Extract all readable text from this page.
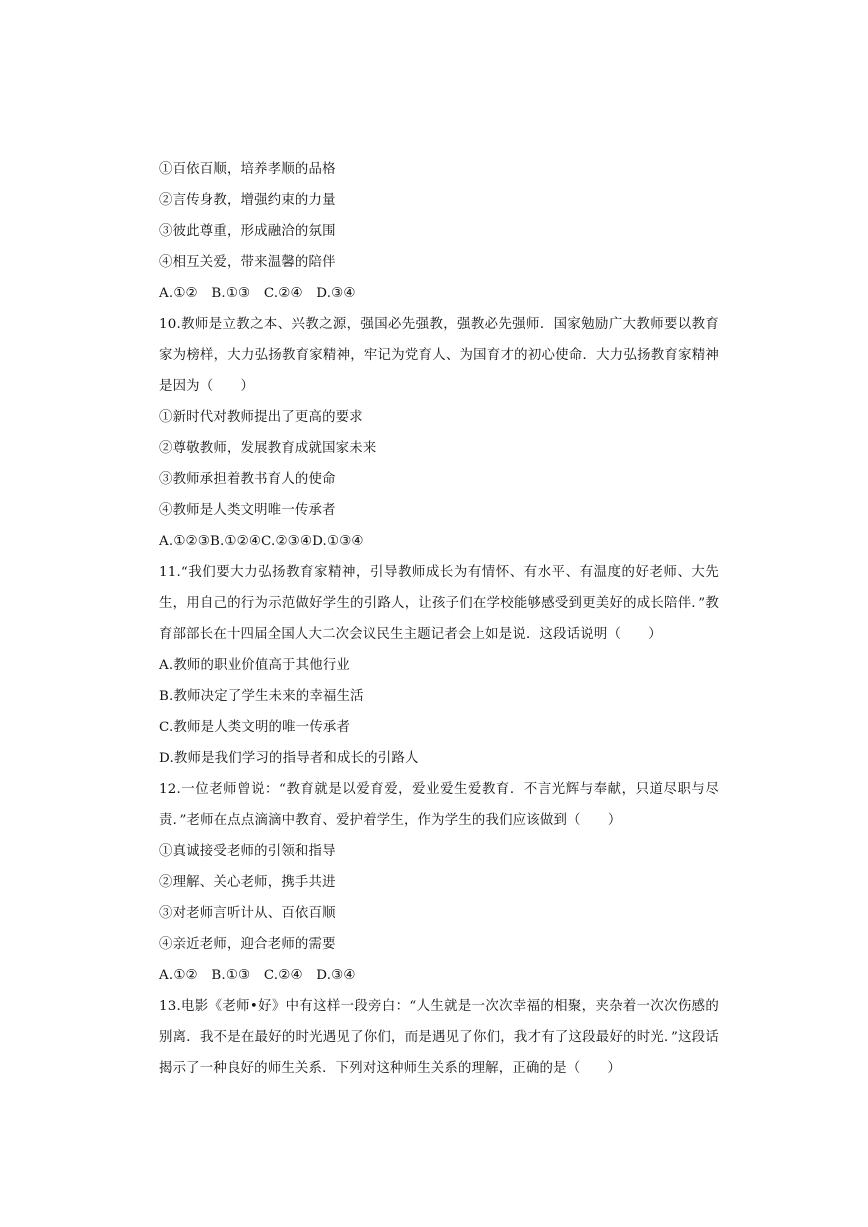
①百依百顺，培养孝顺的品格
②言传身教，增强约束的力量
③彼此尊重，形成融洽的氛围
④相互关爱，带来温馨的陪伴
A.①②　B.①③　C.②④　D.③④
10.教师是立教之本、兴教之源，强国必先强教，强教必先强师．国家勉励广大教师要以教育家为榜样，大力弘扬教育家精神，牢记为党育人、为国育才的初心使命．大力弘扬教育家精神是因为（　　）
①新时代对教师提出了更高的要求
②尊敬教师，发展教育成就国家未来
③教师承担着教书育人的使命
④教师是人类文明唯一传承者
A.①②③B.①②④C.②③④D.①③④
11.“我们要大力弘扬教育家精神，引导教师成长为有情怀、有水平、有温度的好老师、大先生，用自己的行为示范做好学生的引路人，让孩子们在学校能够感受到更美好的成长陪伴．”教育部部长在十四届全国人大二次会议民生主题记者会上如是说．这段话说明（　　）
A.教师的职业价值高于其他行业
B.教师决定了学生未来的幸福生活
C.教师是人类文明的唯一传承者
D.教师是我们学习的指导者和成长的引路人
12.一位老师曾说：“教育就是以爱育爱，爱业爱生爱教育．不言光辉与奉献，只道尽职与尽责．”老师在点点滴滴中教育、爱护着学生，作为学生的我们应该做到（　　）
①真诚接受老师的引领和指导
②理解、关心老师，携手共进
③对老师言听计从、百依百顺
④亲近老师，迎合老师的需要
A.①②　B.①③　C.②④　D.③④
13.电影《老师•好》中有这样一段旁白：“人生就是一次次幸福的相聚，夹杂着一次次伤感的别离．我不是在最好的时光遇见了你们，而是遇见了你们，我才有了这段最好的时光．”这段话揭示了一种良好的师生关系．下列对这种师生关系的理解，正确的是（　　）
